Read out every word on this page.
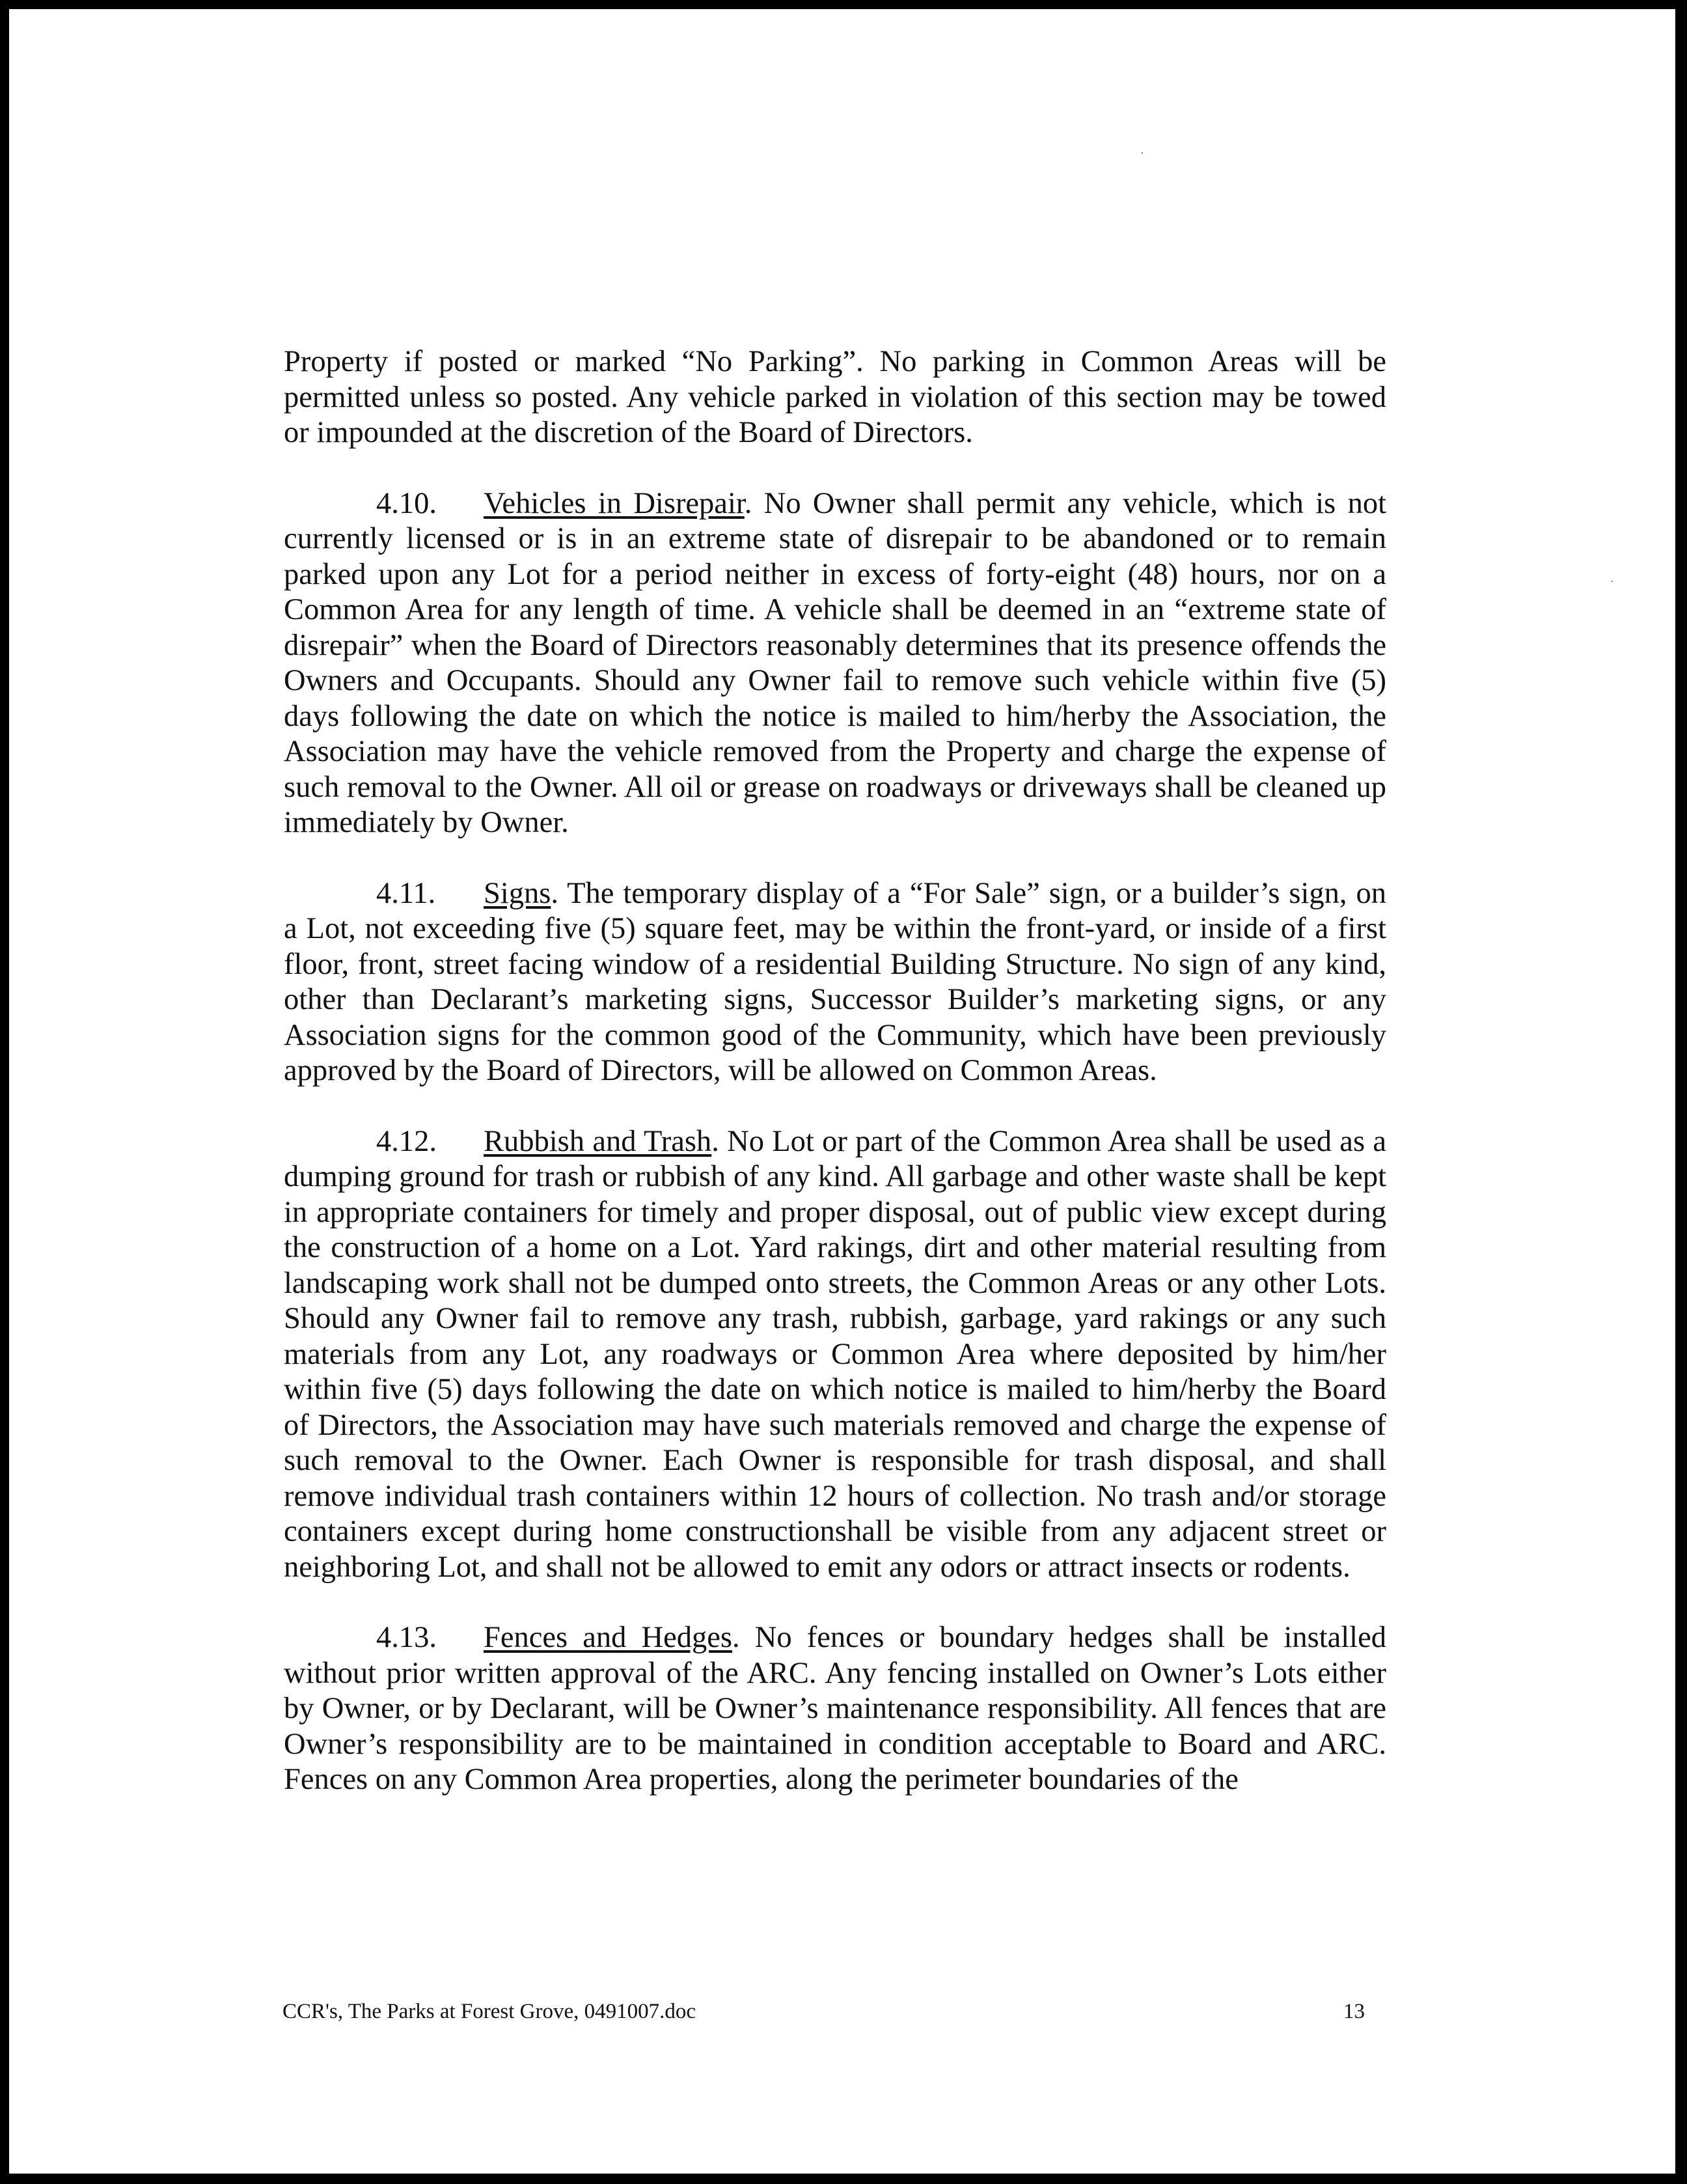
Property if posted or marked “No Parking”. No parking in Common Areas will be permitted unless so posted. Any vehicle parked in violation of this section may be towed or impounded at the discretion of the Board of Directors.

4.10. Vehicles in Disrepair. No Owner shall permit any vehicle, which is not currently licensed or is in an extreme state of disrepair to be abandoned or to remain parked upon any Lot for a period neither in excess of forty-eight (48) hours, nor on a Common Area for any length of time. A vehicle shall be deemed in an “extreme state of disrepair” when the Board of Directors reasonably determines that its presence offends the Owners and Occupants. Should any Owner fail to remove such vehicle within five (5) days following the date on which the notice is mailed to him/herby the Association, the Association may have the vehicle removed from the Property and charge the expense of such removal to the Owner. All oil or grease on roadways or driveways shall be cleaned up immediately by Owner.

4.11. Signs. The temporary display of a “For Sale” sign, or a builder’s sign, on a Lot, not exceeding five (5) square feet, may be within the front-yard, or inside of a first floor, front, street facing window of a residential Building Structure. No sign of any kind, other than Declarant’s marketing signs, Successor Builder’s marketing signs, or any Association signs for the common good of the Community, which have been previously approved by the Board of Directors, will be allowed on Common Areas.

4.12. Rubbish and Trash. No Lot or part of the Common Area shall be used as a dumping ground for trash or rubbish of any kind. All garbage and other waste shall be kept in appropriate containers for timely and proper disposal, out of public view except during the construction of a home on a Lot. Yard rakings, dirt and other material resulting from landscaping work shall not be dumped onto streets, the Common Areas or any other Lots. Should any Owner fail to remove any trash, rubbish, garbage, yard rakings or any such materials from any Lot, any roadways or Common Area where deposited by him/her within five (5) days following the date on which notice is mailed to him/herby the Board of Directors, the Association may have such materials removed and charge the expense of such removal to the Owner. Each Owner is responsible for trash disposal, and shall remove individual trash containers within 12 hours of collection. No trash and/or storage containers except during home constructionshall be visible from any adjacent street or neighboring Lot, and shall not be allowed to emit any odors or attract insects or rodents.

4.13. Fences and Hedges. No fences or boundary hedges shall be installed without prior written approval of the ARC. Any fencing installed on Owner’s Lots either by Owner, or by Declarant, will be Owner’s maintenance responsibility. All fences that are Owner’s responsibility are to be maintained in condition acceptable to Board and ARC. Fences on any Common Area properties, along the perimeter boundaries of the

CCR's, The Parks at Forest Grove, 0491007.doc	13
